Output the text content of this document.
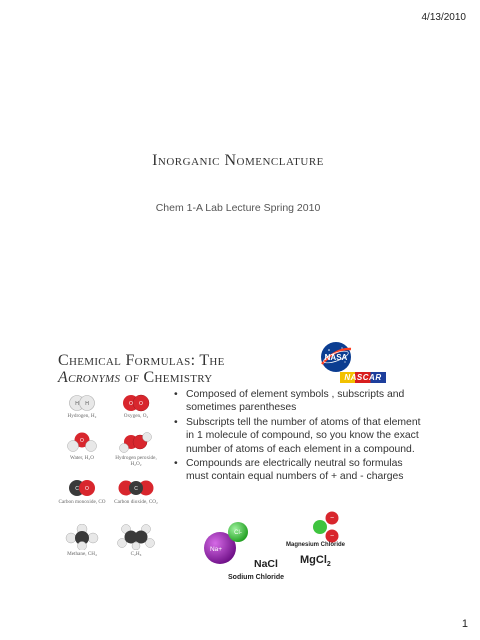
4/13/2010
Inorganic Nomenclature
Chem 1-A Lab Lecture Spring 2010
Chemical Formulas: The
Acronyms of Chemistry
NASA
NASCAR
H H
Hydrogen, H₂
O O
Oxygen, O₂
O
Water, H₂O	Hydrogen peroxide, H₂O₂
C O
Carbon monoxide, CO
C
Carbon dioxide, CO₂
Methane, CH₄	C₂H₆
• Composed of element symbols , subscripts and sometimes parentheses
• Subscripts tell the number of atoms of that element in 1 molecule of compound, so you know the exact number of atoms of each element in a compound.
• Compounds are electrically neutral so formulas must contain equal numbers of + and - charges
Na+
Cl-
NaCl
Sodium Chloride
−
−
Magnesium Chloride
MgCl$_2$
1
